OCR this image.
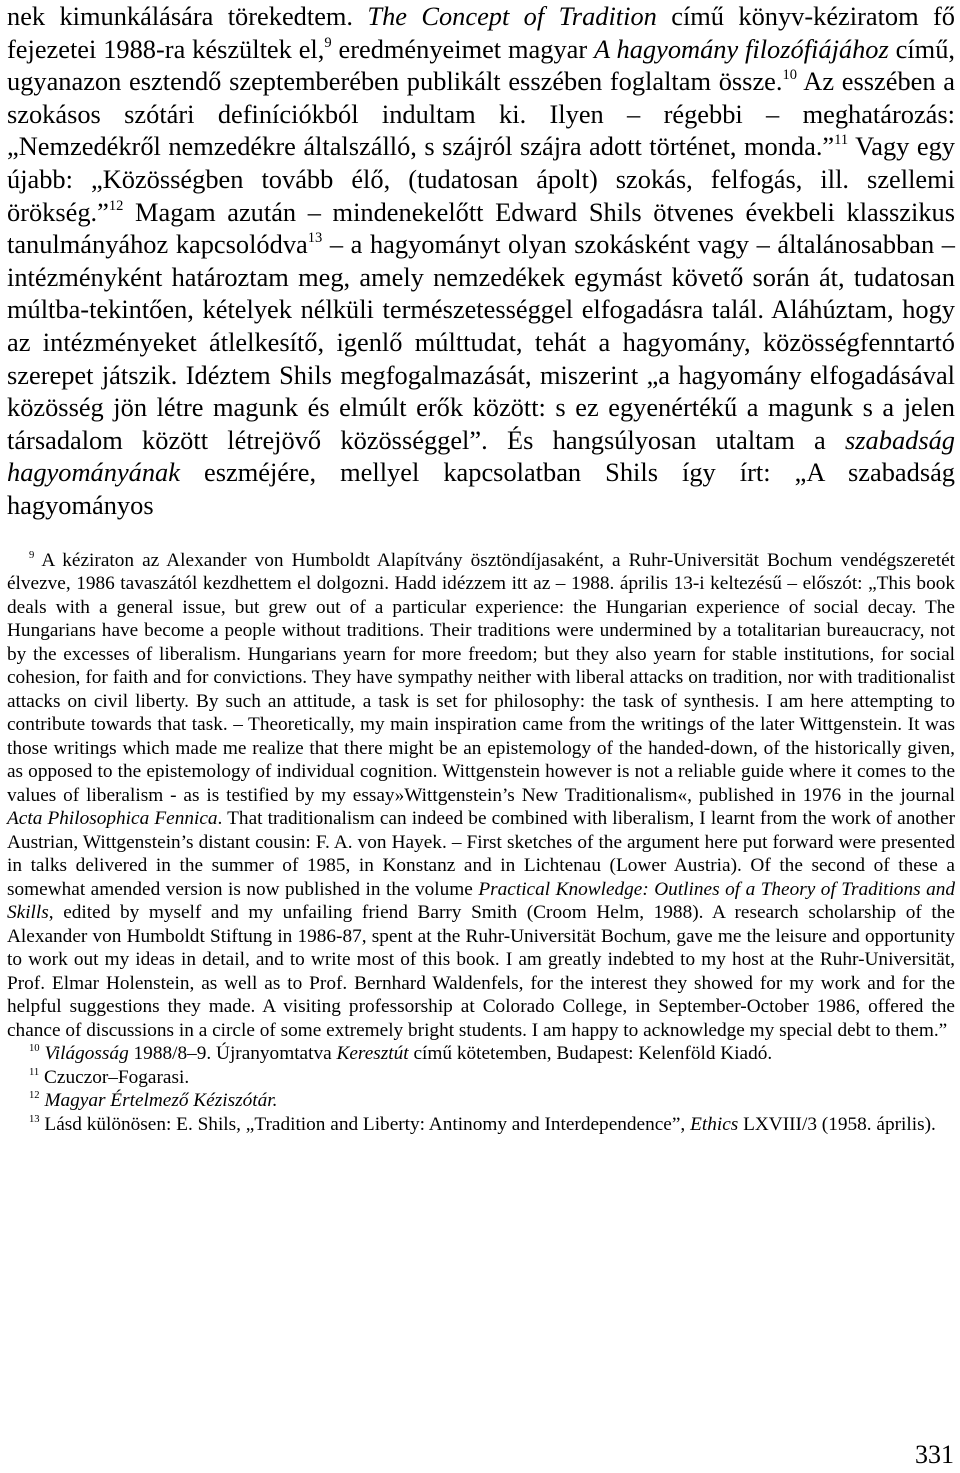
nek kimunkálására törekedtem. The Concept of Tradition című könyv-kéziratom fő fejezetei 1988-ra készültek el,$^9$ eredményeimet magyar A hagyomány filozófiájához című, ugyanazon esztendő szeptemberében publikált esszében foglaltam össze.$^{10}$ Az esszében a szokásos szótári definíciókból indultam ki. Ilyen – régebbi – meghatározás: „Nemzedékről nemzedékre általszálló, s szájról szájra adott történet, monda.”$^{11}$ Vagy egy újabb: „Közösségben tovább élő, (tudatosan ápolt) szokás, felfogás, ill. szellemi örökség.”$^{12}$ Magam azután – mindenekelőtt Edward Shils ötvenes évekbeli klasszikus tanulmányához kapcsolódva$^{13}$ – a hagyományt olyan szokásként vagy – általánosabban – intézményként határoztam meg, amely nemzedékek egymást követő során át, tudatosan múltba-tekintően, kételyek nélküli természetességgel elfogadásra talál. Aláhúztam, hogy az intézményeket átlelkesítő, igenlő múlttudat, tehát a hagyomány, közösségfenntartó szerepet játszik. Idéztem Shils megfogalmazását, miszerint „a hagyomány elfogadásával közösség jön létre magunk és elmúlt erők között: s ez egyenértékű a magunk s a jelen társadalom között létrejövő közösséggel”. És hangsúlyosan utaltam a szabadság hagyományának eszméjére, mellyel kapcsolatban Shils így írt: „A szabadság hagyományos

$^9$ A kéziraton az Alexander von Humboldt Alapítvány ösztöndíjasaként, a Ruhr-Universität Bochum vendégszeretét élvezve, 1986 tavaszától kezdhettem el dolgozni. Hadd idézzem itt az – 1988. április 13-i keltezésű – előszót: „This book deals with a general issue, but grew out of a particular experience: the Hungarian experience of social decay. The Hungarians have become a people without traditions. Their traditions were undermined by a totalitarian bureaucracy, not by the excesses of liberalism. Hungarians yearn for more freedom; but they also yearn for stable institutions, for social cohesion, for faith and for convictions. They have sympathy neither with liberal attacks on tradition, nor with traditionalist attacks on civil liberty. By such an attitude, a task is set for philosophy: the task of synthesis. I am here attempting to contribute towards that task. – Theoretically, my main inspiration came from the writings of the later Wittgenstein. It was those writings which made me realize that there might be an epistemology of the handed-down, of the historically given, as opposed to the epistemology of individual cognition. Wittgenstein however is not a reliable guide where it comes to the values of liberalism - as is testified by my essay»Wittgenstein’s New Traditionalism«, published in 1976 in the journal Acta Philosophica Fennica. That traditionalism can indeed be combined with liberalism, I learnt from the work of another Austrian, Wittgenstein’s distant cousin: F. A. von Hayek. – First sketches of the argument here put forward were presented in talks delivered in the summer of 1985, in Konstanz and in Lichtenau (Lower Austria). Of the second of these a somewhat amended version is now published in the volume Practical Knowledge: Outlines of a Theory of Traditions and Skills, edited by myself and my unfailing friend Barry Smith (Croom Helm, 1988). A research scholarship of the Alexander von Humboldt Stiftung in 1986-87, spent at the Ruhr-Universität Bochum, gave me the leisure and opportunity to work out my ideas in detail, and to write most of this book. I am greatly indebted to my host at the Ruhr-Universität, Prof. Elmar Holenstein, as well as to Prof. Bernhard Waldenfels, for the interest they showed for my work and for the helpful suggestions they made. A visiting professorship at Colorado College, in September-October 1986, offered the chance of discussions in a circle of some extremely bright students. I am happy to acknowledge my special debt to them.”

$^{10}$ Világosság 1988/8–9. Újranyomtatva Keresztút című kötetemben, Budapest: Kelenföld Kiadó.

$^{11}$ Czuczor–Fogarasi.

$^{12}$ Magyar Értelmező Kéziszótár.

$^{13}$ Lásd különösen: E. Shils, „Tradition and Liberty: Antinomy and Interdependence”, Ethics LXVIII/3 (1958. április).

331
